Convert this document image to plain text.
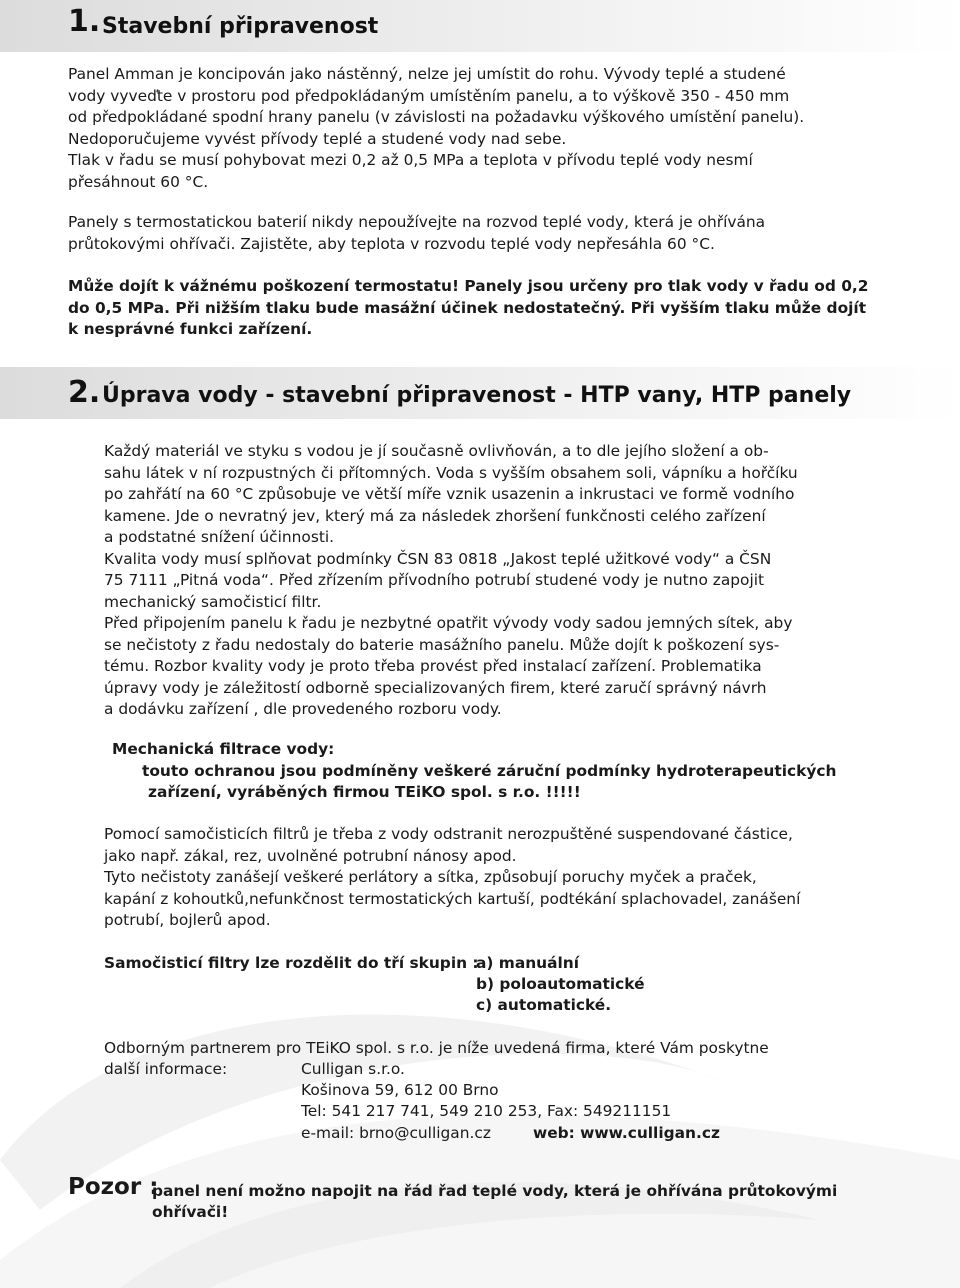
1. Stavební připravenost
Panel Amman je koncipován jako nástěnný, nelze jej umístit do rohu. Vývody teplé a studené
vody vyveďte v prostoru pod předpokládaným umístěním panelu, a to výškově 350 - 450 mm
od předpokládané spodní hrany panelu (v závislosti na požadavku výškového umístění panelu).
Nedoporučujeme vyvést přívody teplé a studené vody nad sebe.
Tlak v řadu se musí pohybovat mezi 0,2 až 0,5 MPa a teplota v přívodu teplé vody nesmí
přesáhnout 60 °C.
Panely s termostatickou baterií nikdy nepoužívejte na rozvod teplé vody, která je ohřívána
průtokovými ohřívači. Zajistěte, aby teplota v rozvodu teplé vody nepřesáhla 60 °C.
Může dojít k vážnému poškození termostatu! Panely jsou určeny pro tlak vody v řadu od 0,2
do 0,5 MPa. Při nižším tlaku bude masážní účinek nedostatečný. Při vyšším tlaku může dojít
k nesprávné funkci zařízení.
2. Úprava vody - stavební připravenost - HTP vany, HTP panely
Každý materiál ve styku s vodou je jí současně ovlivňován, a to dle jejího složení a ob-
sahu látek v ní rozpustných či přítomných. Voda s vyšším obsahem soli, vápníku a hořčíku
po zahřátí na 60 °C způsobuje ve větší míře vznik usazenin a inkrustaci ve formě vodního
kamene. Jde o nevratný jev, který má za následek zhoršení funkčnosti celého zařízení
a podstatné snížení účinnosti.
Kvalita vody musí splňovat podmínky ČSN 83 0818 „Jakost teplé užitkové vody“ a ČSN
75 7111 „Pitná voda“. Před zřízením přívodního potrubí studené vody je nutno zapojit
mechanický samočisticí filtr.
Před připojením panelu k řadu je nezbytné opatřit vývody vody sadou jemných sítek, aby
se nečistoty z řadu nedostaly do baterie masážního panelu. Může dojít k poškození sys-
tému. Rozbor kvality vody je proto třeba provést před instalací zařízení. Problematika
úpravy vody je záležitostí odborně specializovaných firem, které zaručí správný návrh
a dodávku zařízení , dle provedeného rozboru vody.
Mechanická filtrace vody:
touto ochranou jsou podmíněny veškeré záruční podmínky hydroterapeutických
zařízení, vyráběných firmou TEiKO spol. s r.o. !!!!!
Pomocí samočisticích filtrů je třeba z vody odstranit nerozpuštěné suspendované částice,
jako např. zákal, rez, uvolněné potrubní nánosy apod.
Tyto nečistoty zanášejí veškeré perlátory a sítka, způsobují poruchy myček a praček,
kapání z kohoutků,nefunkčnost termostatických kartuší, podtékání splachovadel, zanášení
potrubí, bojlerů apod.
Samočisticí filtry lze rozdělit do tří skupin :
a) manuální
b) poloautomatické
c) automatické.
Odborným partnerem pro TEiKO spol. s r.o. je níže uvedená firma, které Vám poskytne
další informace:	Culligan s.r.o.
Košinova 59, 612 00 Brno
Tel: 541 217 741, 549 210 253, Fax: 549211151
e-mail: brno@culligan.cz	web: www.culligan.cz
Pozor :
panel není možno napojit na řád řad teplé vody, která je ohřívána průtokovými
ohřívači!
